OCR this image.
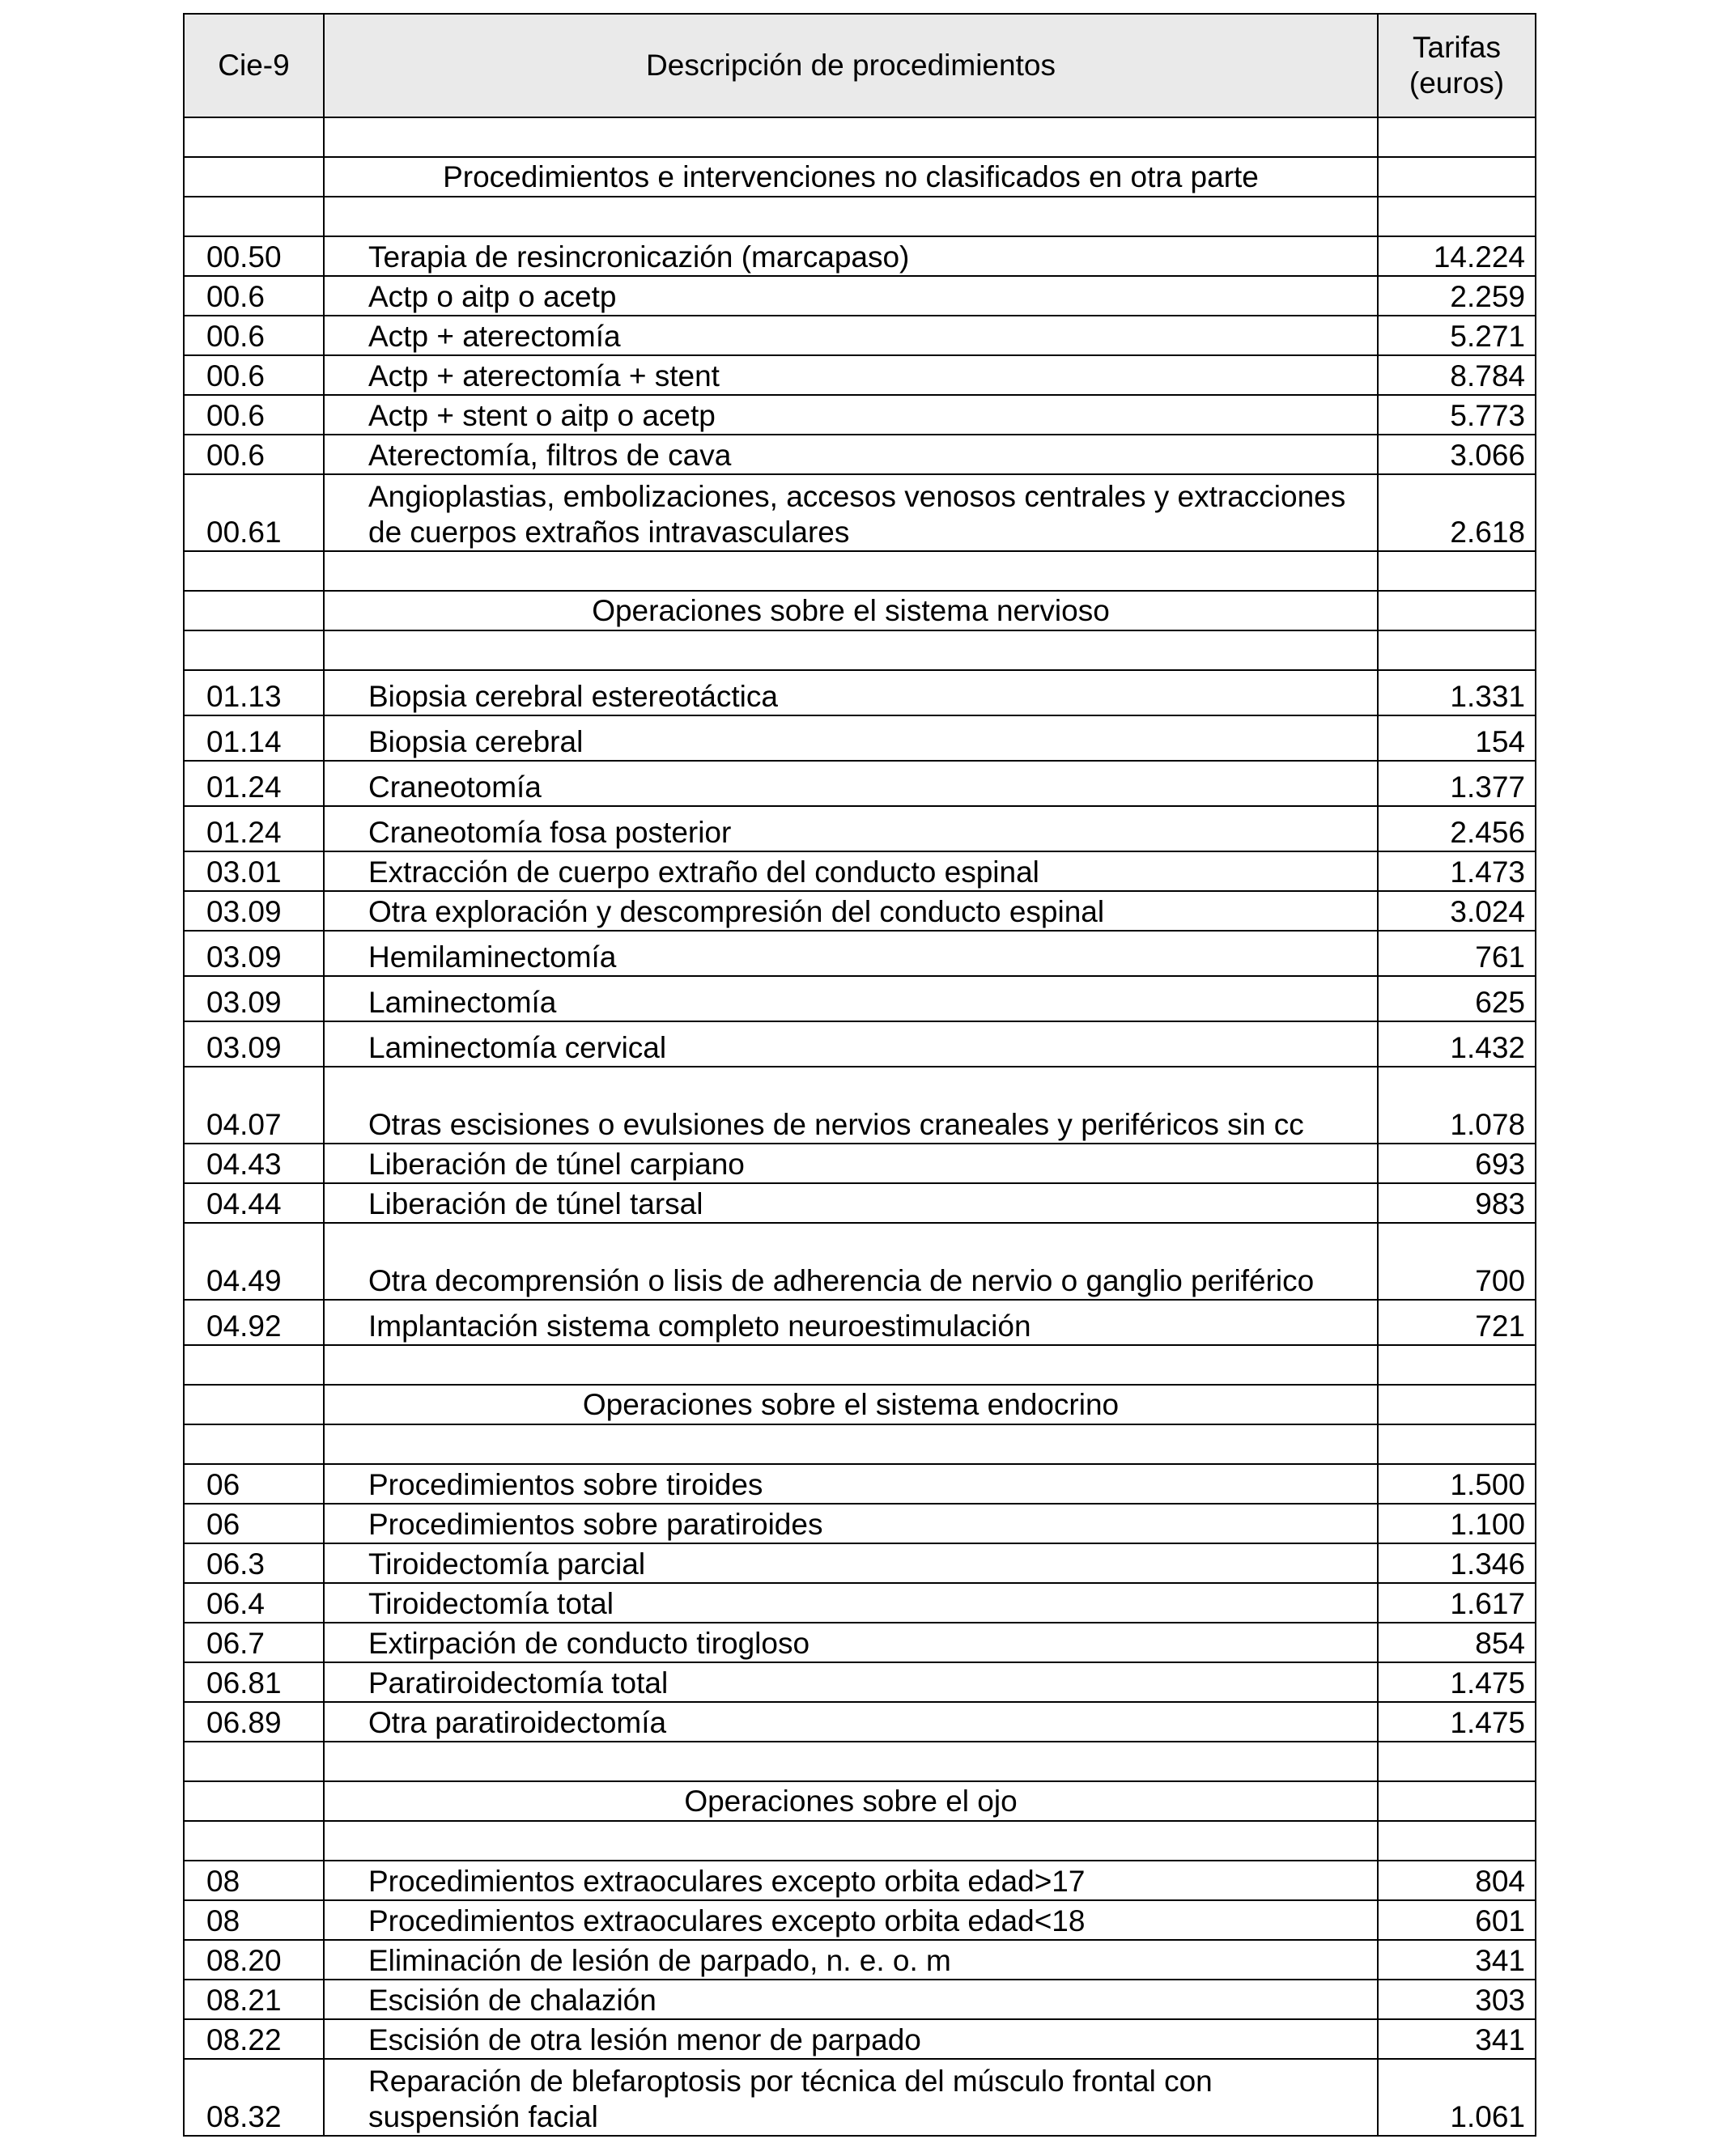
Cie-9	Descripción de procedimientos	Tarifas
(euros)

	Procedimientos e intervenciones no clasificados en otra parte	

00.50	Terapia de resincronicazión (marcapaso)	14.224
00.6	Actp o aitp o acetp	2.259
00.6	Actp + aterectomía	5.271
00.6	Actp + aterectomía + stent	8.784
00.6	Actp + stent o aitp o acetp	5.773
00.6	Aterectomía, filtros de cava	3.066
00.61	Angioplastias, embolizaciones, accesos venosos centrales y extracciones de cuerpos extraños intravasculares	2.618

	Operaciones sobre el sistema nervioso	

01.13	Biopsia cerebral estereotáctica	1.331
01.14	Biopsia cerebral	154
01.24	Craneotomía	1.377
01.24	Craneotomía fosa posterior	2.456
03.01	Extracción de cuerpo extraño del conducto espinal	1.473
03.09	Otra exploración y descompresión del conducto espinal	3.024
03.09	Hemilaminectomía	761
03.09	Laminectomía	625
03.09	Laminectomía cervical	1.432
04.07	Otras escisiones o evulsiones de nervios craneales y periféricos sin cc	1.078
04.43	Liberación de túnel carpiano	693
04.44	Liberación de túnel tarsal	983
04.49	Otra decomprensión o lisis de adherencia de nervio o ganglio periférico	700
04.92	Implantación sistema completo neuroestimulación	721

	Operaciones sobre el sistema endocrino	

06	Procedimientos sobre tiroides	1.500
06	Procedimientos sobre paratiroides	1.100
06.3	Tiroidectomía parcial	1.346
06.4	Tiroidectomía total	1.617
06.7	Extirpación de conducto tirogloso	854
06.81	Paratiroidectomía total	1.475
06.89	Otra paratiroidectomía	1.475

	Operaciones sobre el ojo	

08	Procedimientos extraoculares excepto orbita edad>17	804
08	Procedimientos extraoculares excepto orbita edad<18	601
08.20	Eliminación de lesión de parpado, n. e. o. m	341
08.21	Escisión de chalazión	303
08.22	Escisión de otra lesión menor de parpado	341
08.32	Reparación de blefaroptosis por técnica del músculo frontal con suspensión facial	1.061
